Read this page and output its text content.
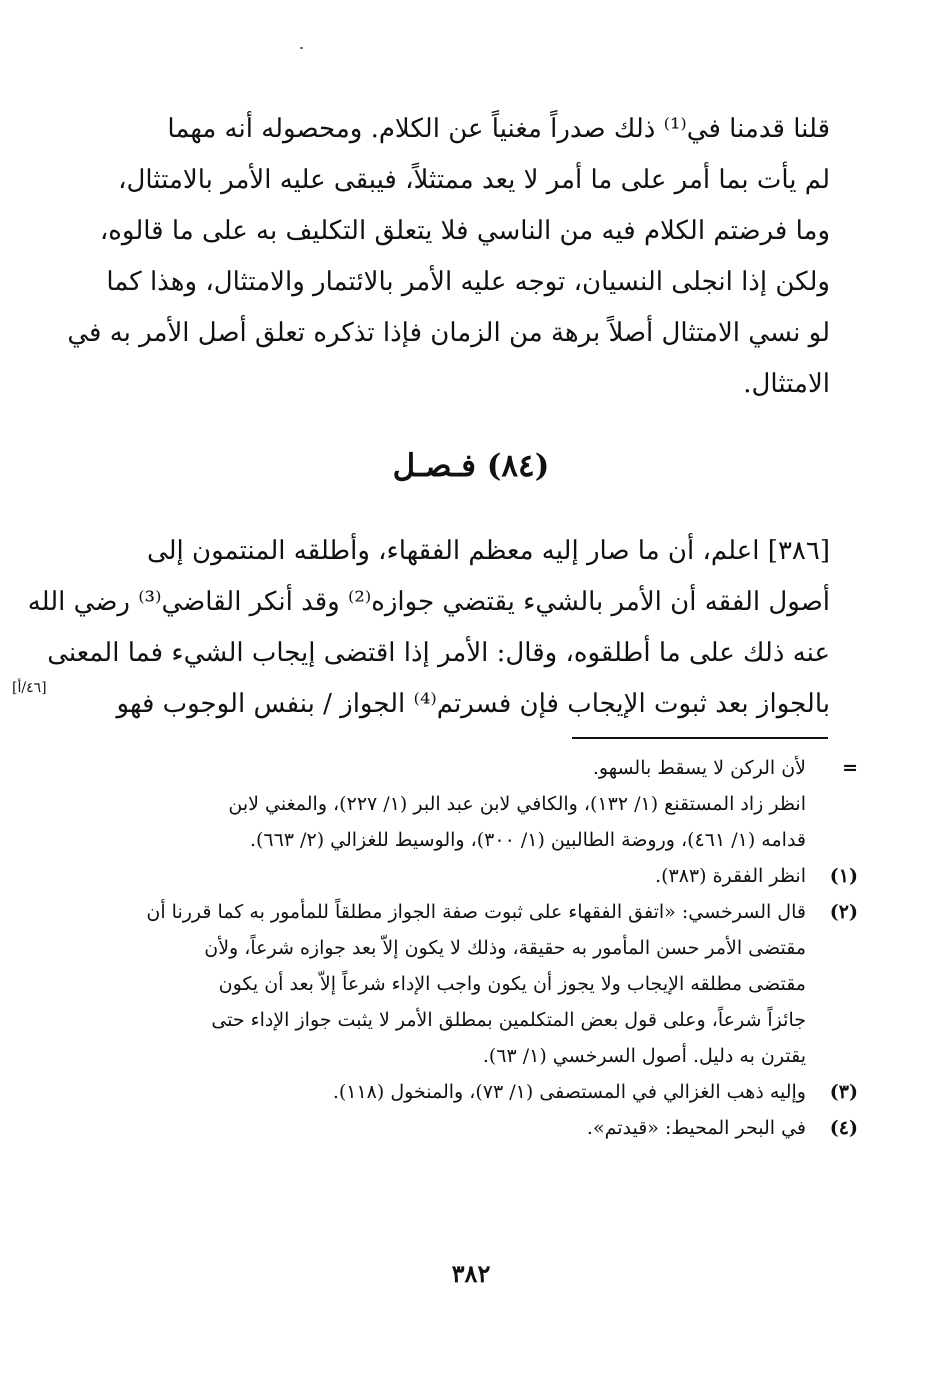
قلنا قدمنا في⁽¹⁾ ذلك صدراً مغنياً عن الكلام. ومحصوله أنه مهما
لم يأت بما أمر على ما أمر لا يعد ممتثلاً، فيبقى عليه الأمر بالامتثال،
وما فرضتم الكلام فيه من الناسي فلا يتعلق التكليف به على ما قالوه،
ولكن إذا انجلى النسيان، توجه عليه الأمر بالائتمار والامتثال، وهذا كما
لو نسي الامتثال أصلاً برهة من الزمان فإذا تذكره تعلق أصل الأمر به في
الامتثال.
(٨٤) فـصـل
[٣٨٦] اعلم، أن ما صار إليه معظم الفقهاء، وأطلقه المنتمون إلى
أصول الفقه أن الأمر بالشيء يقتضي جوازه⁽²⁾ وقد أنكر القاضي⁽³⁾ رضي الله
عنه ذلك على ما أطلقوه، وقال: الأمر إذا اقتضى إيجاب الشيء فما المعنى
بالجواز بعد ثبوت الإيجاب فإن فسرتم⁽⁴⁾ الجواز / بنفس الوجوب فهو
[٤٦/أ]
=
لأن الركن لا يسقط بالسهو.
انظر زاد المستقنع (١/ ١٣٢)، والكافي لابن عبد البر (١/ ٢٢٧)، والمغني لابن
قدامه (١/ ٤٦١)، وروضة الطالبين (١/ ٣٠٠)، والوسيط للغزالي (٢/ ٦٦٣).
(١)
انظر الفقرة (٣٨٣).
(٢)
قال السرخسي: «اتفق الفقهاء على ثبوت صفة الجواز مطلقاً للمأمور به كما قررنا أن
مقتضى الأمر حسن المأمور به حقيقة، وذلك لا يكون إلاّ بعد جوازه شرعاً، ولأن
مقتضى مطلقه الإيجاب ولا يجوز أن يكون واجب الإداء شرعاً إلاّ بعد أن يكون
جائزاً شرعاً، وعلى قول بعض المتكلمين بمطلق الأمر لا يثبت جواز الإداء حتى
يقترن به دليل. أصول السرخسي (١/ ٦٣).
(٣)
وإليه ذهب الغزالي في المستصفى (١/ ٧٣)، والمنخول (١١٨).
(٤)
في البحر المحيط: «قيدتم».
٣٨٢
